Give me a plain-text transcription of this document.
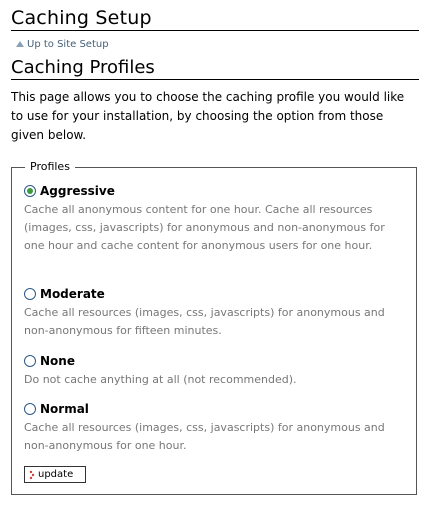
Caching Setup
Up to Site Setup
Caching Profiles

This page allows you to choose the caching profile you would like to use for your installation, by choosing the option from those given below.

Profiles
Aggressive
Cache all anonymous content for one hour. Cache all resources (images, css, javascripts) for anonymous and non-anonymous for one hour and cache content for anonymous users for one hour.
Moderate
Cache all resources (images, css, javascripts) for anonymous and non-anonymous for fifteen minutes.
None
Do not cache anything at all (not recommended).
Normal
Cache all resources (images, css, javascripts) for anonymous and non-anonymous for one hour.
update
